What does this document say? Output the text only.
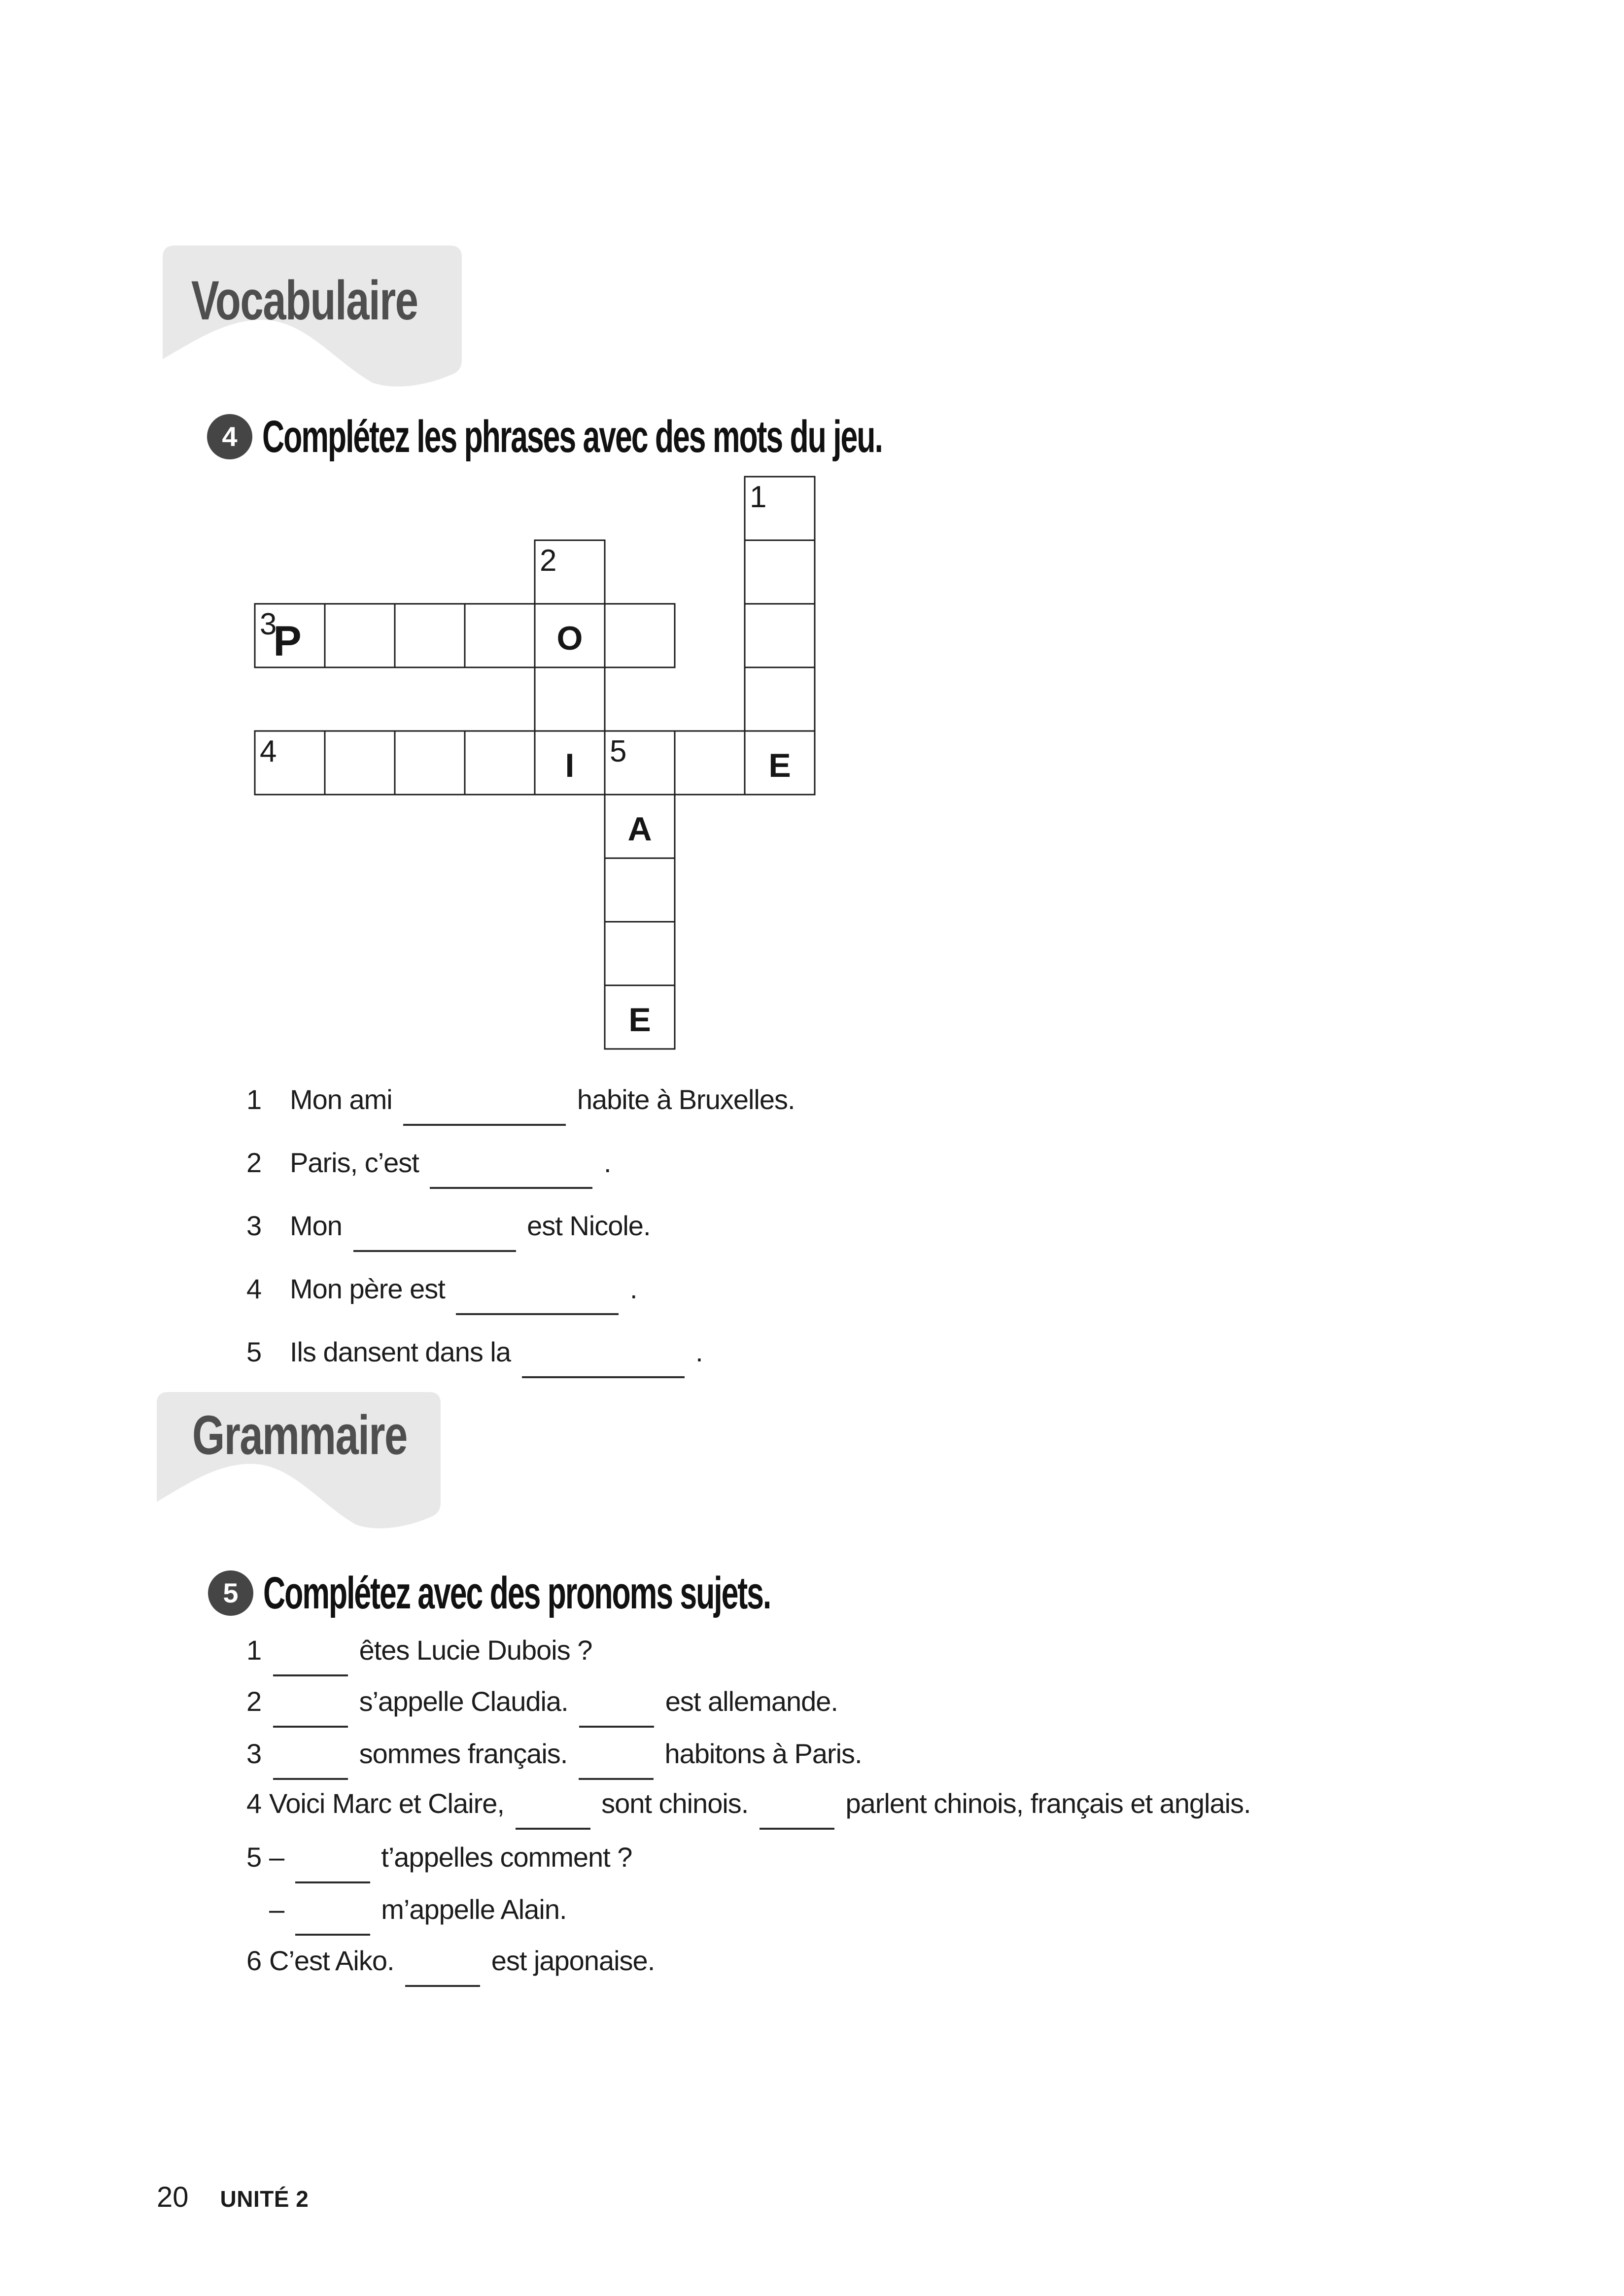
Vocabulaire
4 Complétez les phrases avec des mots du jeu.
1
2
3
4	5
P	O
I	E
A
E
1	Mon ami	habite à Bruxelles.
2	Paris, c’est	.
3	Mon	est Nicole.
4	Mon père est	.
5	Ils dansent dans la	.
Grammaire
5 Complétez avec des pronoms sujets.
1	êtes Lucie Dubois ?
2	s’appelle Claudia.	est allemande.
3	sommes français.	habitons à Paris.
4 Voici Marc et Claire,	sont chinois.	parlent chinois, français et anglais.
5 –	t’appelles comment ?
–	m’appelle Alain.
6 C’est Aiko.	est japonaise.
20 UNITÉ 2
